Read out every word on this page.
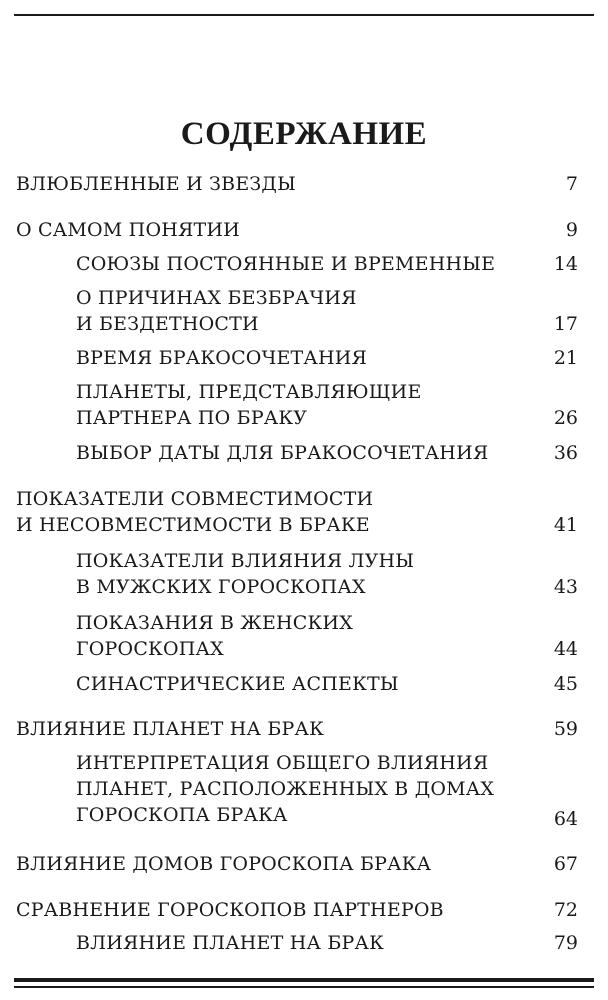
СОДЕРЖАНИЕ
ВЛЮБЛЕННЫЕ И ЗВЕЗДЫ	7
О САМОМ ПОНЯТИИ	9
СОЮЗЫ ПОСТОЯННЫЕ И ВРЕМЕННЫЕ	14
О ПРИЧИНАХ БЕЗБРАЧИЯ
И БЕЗДЕТНОСТИ	17
ВРЕМЯ БРАКОСОЧЕТАНИЯ	21
ПЛАНЕТЫ, ПРЕДСТАВЛЯЮЩИЕ
ПАРТНЕРА ПО БРАКУ	26
ВЫБОР ДАТЫ ДЛЯ БРАКОСОЧЕТАНИЯ	36
ПОКАЗАТЕЛИ СОВМЕСТИМОСТИ
И НЕСОВМЕСТИМОСТИ В БРАКЕ	41
ПОКАЗАТЕЛИ ВЛИЯНИЯ ЛУНЫ
В МУЖСКИХ ГОРОСКОПАХ	43
ПОКАЗАНИЯ В ЖЕНСКИХ
ГОРОСКОПАХ	44
СИНАСТРИЧЕСКИЕ АСПЕКТЫ	45
ВЛИЯНИЕ ПЛАНЕТ НА БРАК	59
ИНТЕРПРЕТАЦИЯ ОБЩЕГО ВЛИЯНИЯ
ПЛАНЕТ, РАСПОЛОЖЕННЫХ В ДОМАХ
ГОРОСКОПА БРАКА	64
ВЛИЯНИЕ ДОМОВ ГОРОСКОПА БРАКА	67
СРАВНЕНИЕ ГОРОСКОПОВ ПАРТНЕРОВ	72
ВЛИЯНИЕ ПЛАНЕТ НА БРАК	79
